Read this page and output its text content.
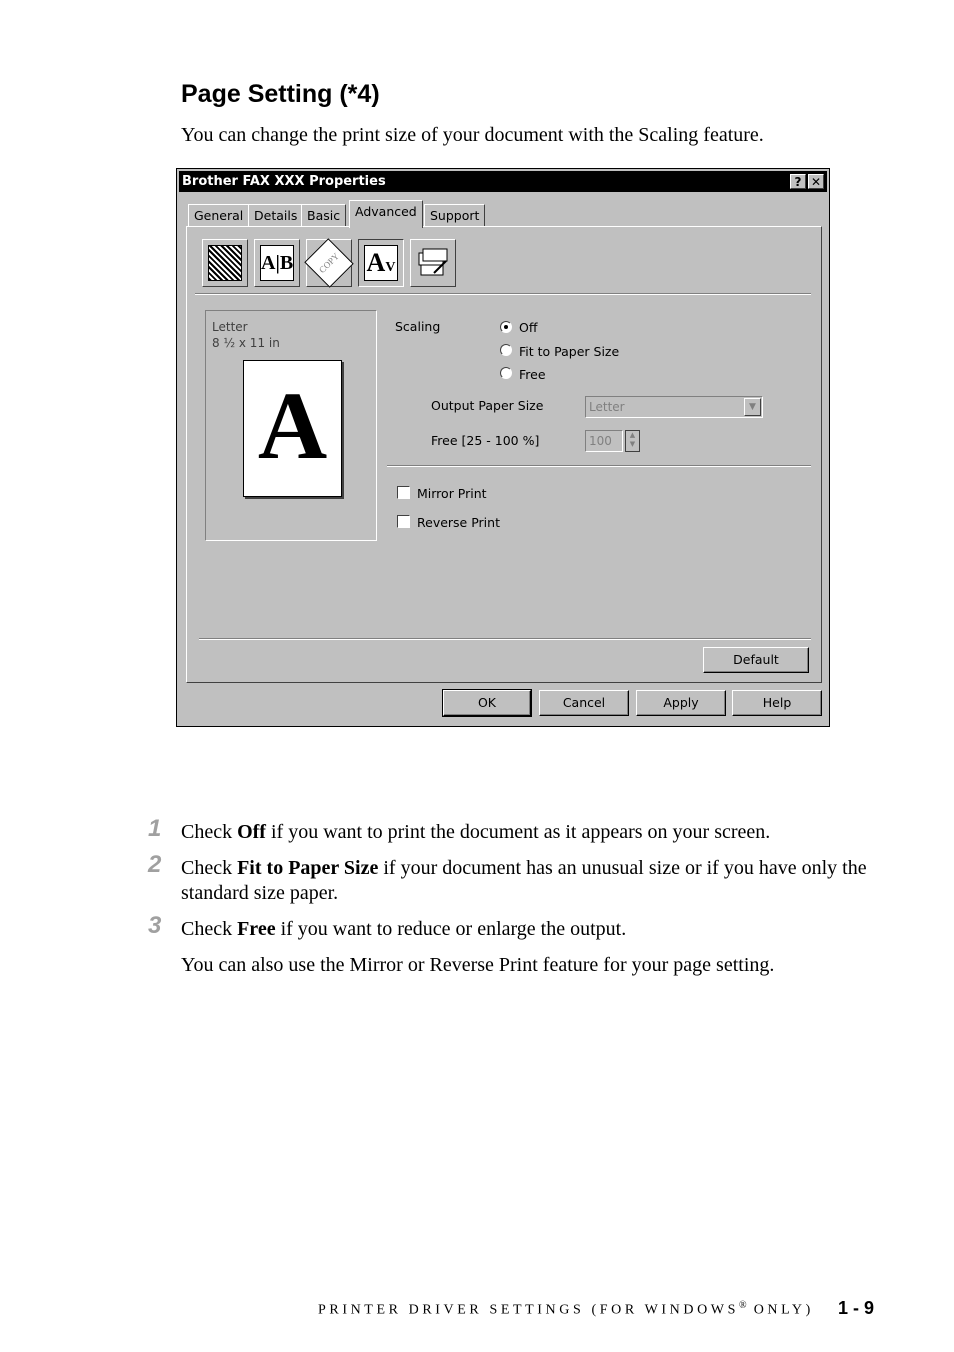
Page Setting (*4)
You can change the print size of your document with the Scaling feature.
Brother FAX XXX Properties	? ✕
General Details Basic	Advanced	Support
A|B	COPY AV
Letter
8 ½ x 11 in
A
Scaling	Off
Fit to Paper Size
Free
Output Paper Size	Letter	▼
Free [25 - 100 %]	100	▲
▼
Mirror Print
Reverse Print
Default
OK	Cancel	Apply	Help
1 Check Off if you want to print the document as it appears on your screen.
2 Check Fit to Paper Size if your document has an unusual size or if you have only the standard size paper.
3 Check Free if you want to reduce or enlarge the output.
You can also use the Mirror or Reverse Print feature for your page setting.
PRINTER DRIVER SETTINGS (FOR WINDOWS® ONLY) 1 - 9
